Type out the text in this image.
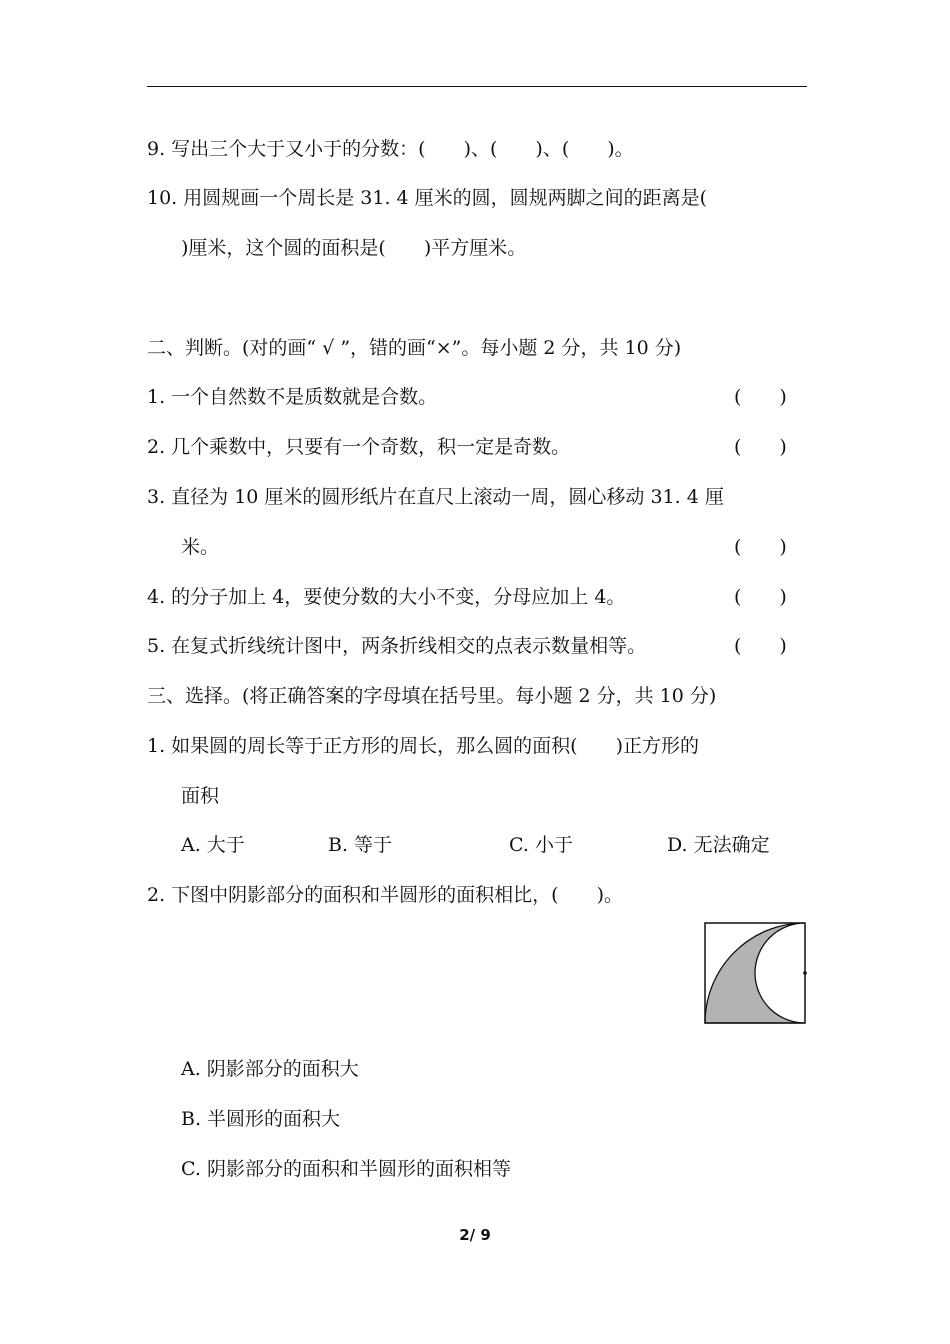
9. 写出三个大于又小于的分数：(　　)、(　　)、(　　)。
10. 用圆规画一个周长是 31. 4 厘米的圆，圆规两脚之间的距离是(
)厘米，这个圆的面积是(　　)平方厘米。
二、判断。(对的画“ √ ”，错的画“×”。每小题 2 分，共 10 分)
1. 一个自然数不是质数就是合数。	(　　)
2. 几个乘数中，只要有一个奇数，积一定是奇数。	(　　)
3. 直径为 10 厘米的圆形纸片在直尺上滚动一周，圆心移动 31. 4 厘
米。	(　　)
4. 的分子加上 4，要使分数的大小不变，分母应加上 4。	(　　)
5. 在复式折线统计图中，两条折线相交的点表示数量相等。	(　　)
三、选择。(将正确答案的字母填在括号里。每小题 2 分，共 10 分)
1. 如果圆的周长等于正方形的周长，那么圆的面积(　　)正方形的
面积
A. 大于	B. 等于	C. 小于	D. 无法确定
2. 下图中阴影部分的面积和半圆形的面积相比，(　　)。
A. 阴影部分的面积大
B. 半圆形的面积大
C. 阴影部分的面积和半圆形的面积相等
2/ 9
